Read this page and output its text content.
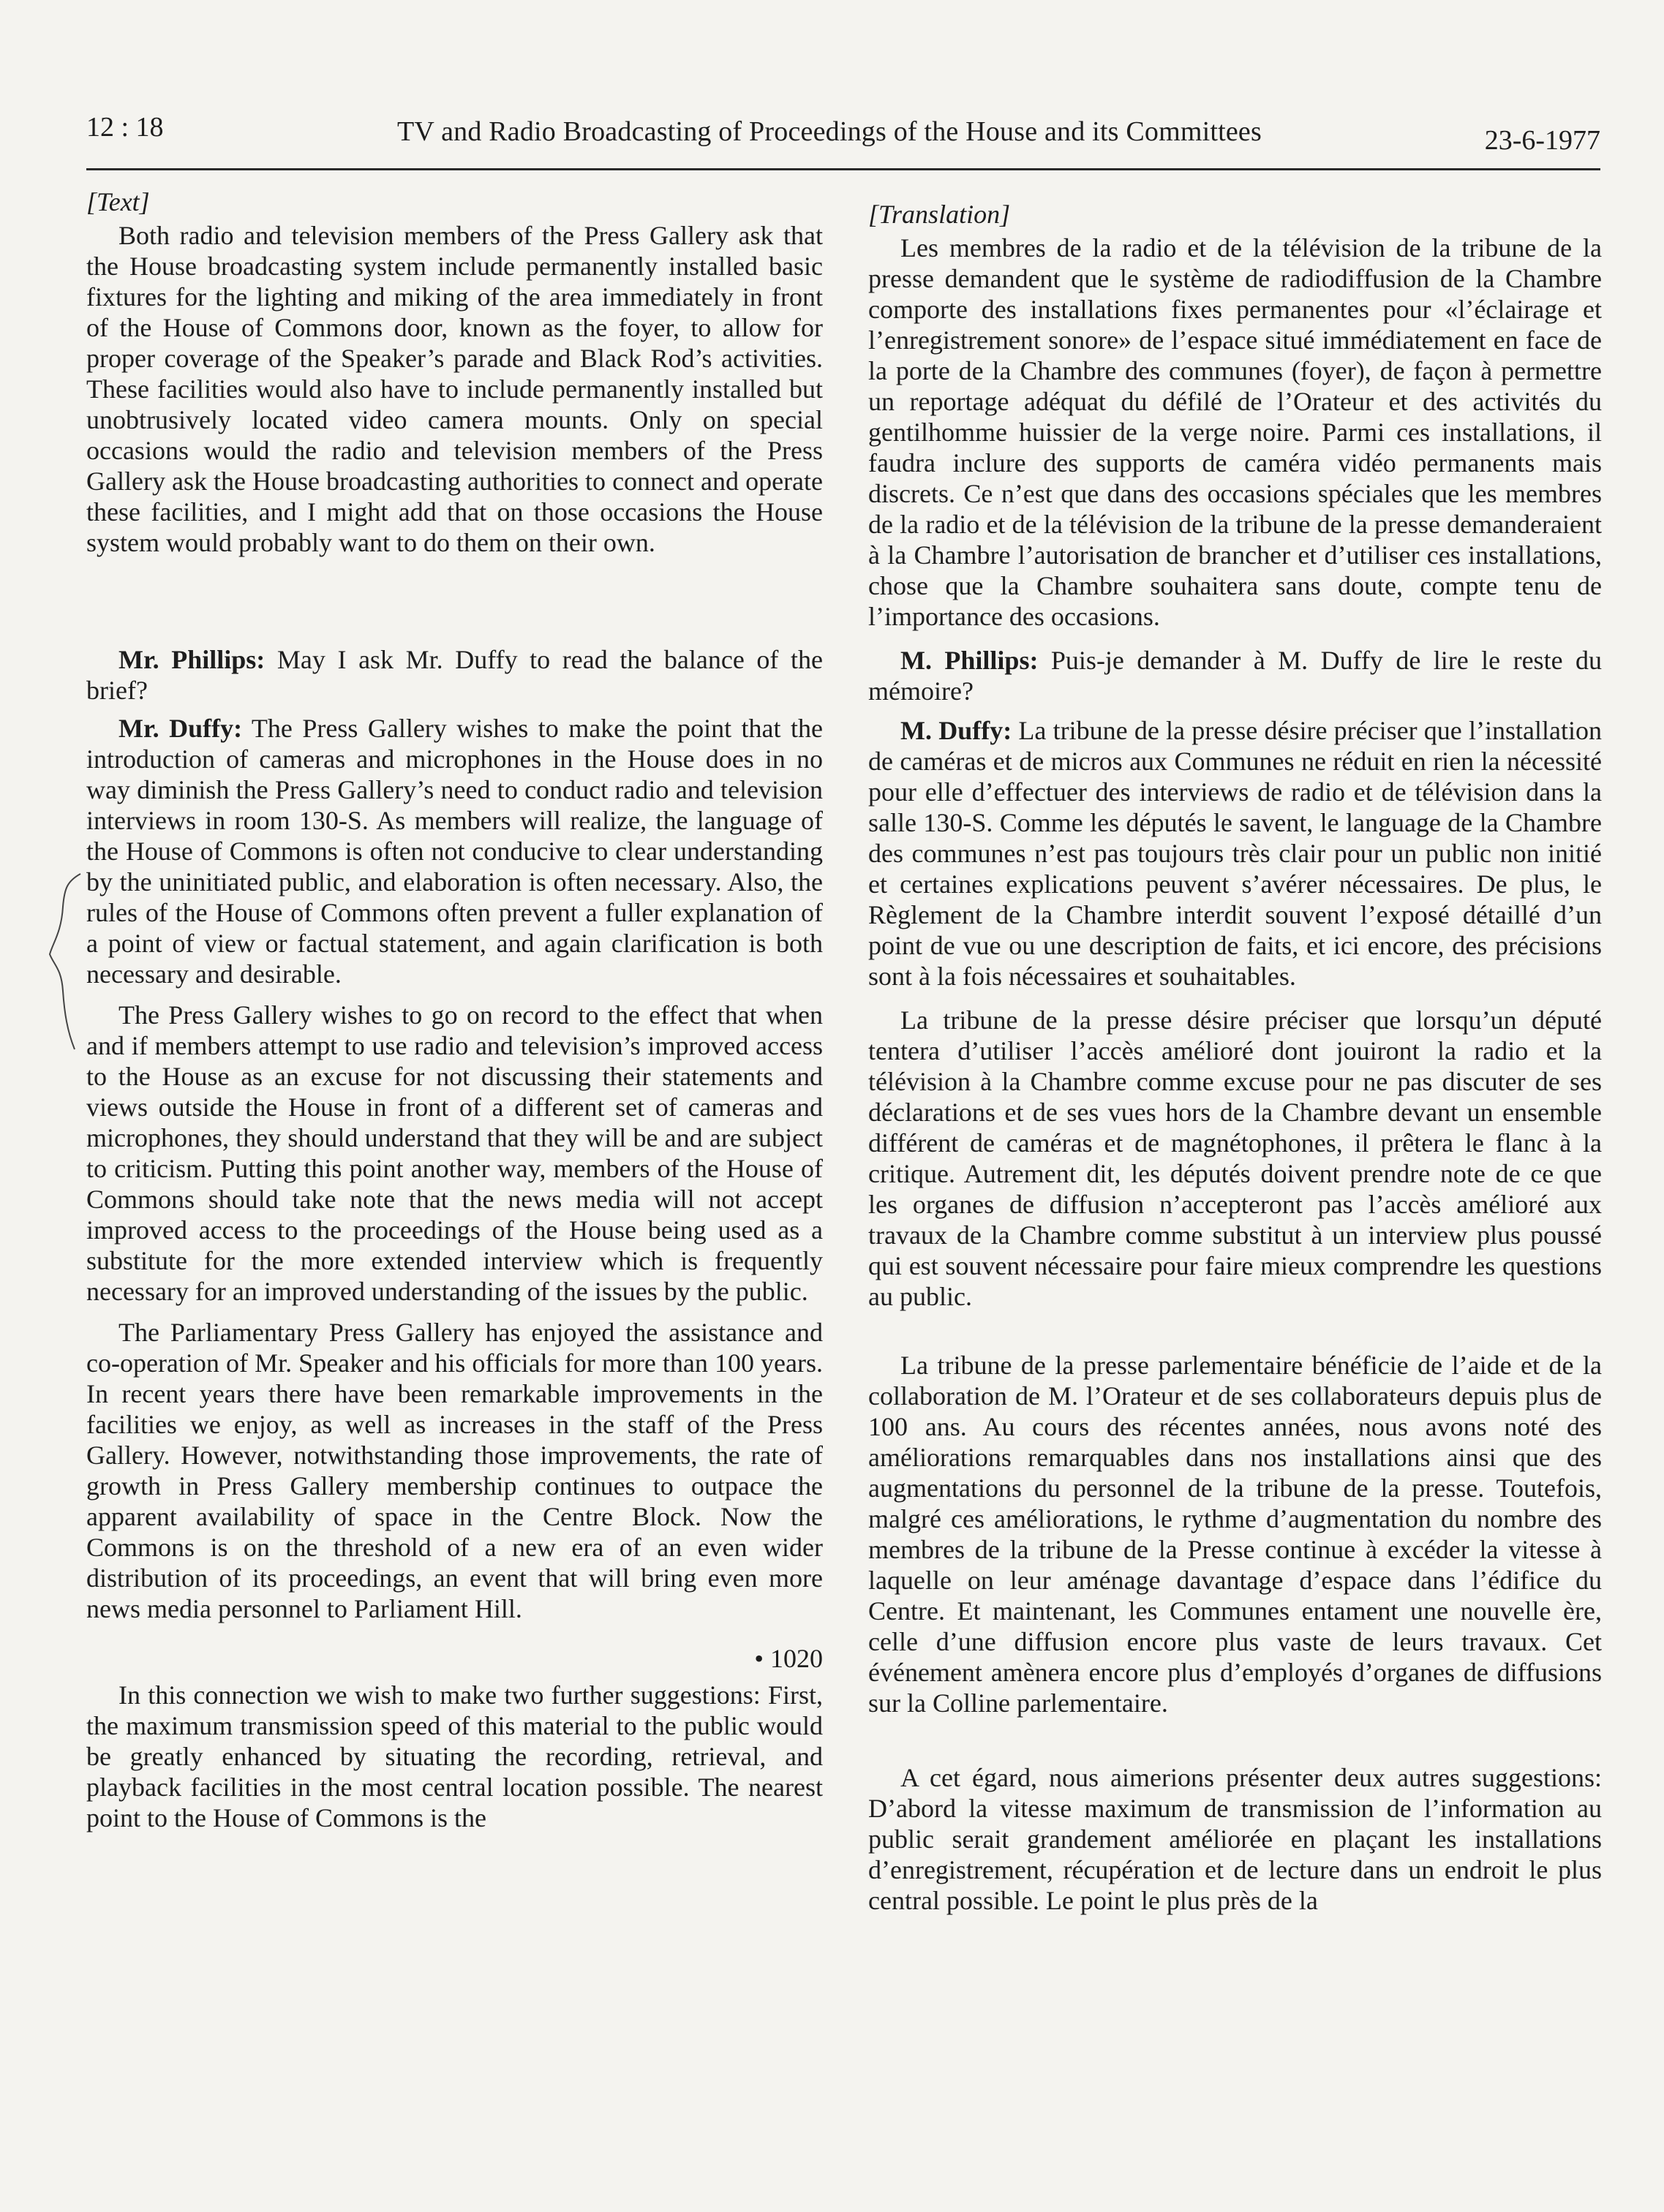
12 : 18	TV and Radio Broadcasting of Proceedings of the House and its Committees	23-6-1977

[Text]

Both radio and television members of the Press Gallery ask that the House broadcasting system include permanently installed basic fixtures for the lighting and miking of the area immediately in front of the House of Commons door, known as the foyer, to allow for proper coverage of the Speaker’s parade and Black Rod’s activities. These facilities would also have to include permanently installed but unobtrusively located video camera mounts. Only on special occasions would the radio and television members of the Press Gallery ask the House broadcasting authorities to connect and operate these facilities, and I might add that on those occasions the House system would probably want to do them on their own.

Mr. Phillips: May I ask Mr. Duffy to read the balance of the brief?

Mr. Duffy: The Press Gallery wishes to make the point that the introduction of cameras and microphones in the House does in no way diminish the Press Gallery’s need to conduct radio and television interviews in room 130-S. As members will realize, the language of the House of Commons is often not conducive to clear understanding by the uninitiated public, and elaboration is often necessary. Also, the rules of the House of Commons often prevent a fuller explanation of a point of view or factual statement, and again clarification is both necessary and desirable.

The Press Gallery wishes to go on record to the effect that when and if members attempt to use radio and television’s improved access to the House as an excuse for not discussing their statements and views outside the House in front of a different set of cameras and microphones, they should understand that they will be and are subject to criticism. Putting this point another way, members of the House of Commons should take note that the news media will not accept improved access to the proceedings of the House being used as a substitute for the more extended interview which is frequently necessary for an improved understanding of the issues by the public.

The Parliamentary Press Gallery has enjoyed the assistance and co-operation of Mr. Speaker and his officials for more than 100 years. In recent years there have been remarkable improvements in the facilities we enjoy, as well as increases in the staff of the Press Gallery. However, notwithstanding those improvements, the rate of growth in Press Gallery membership continues to outpace the apparent availability of space in the Centre Block. Now the Commons is on the threshold of a new era of an even wider distribution of its proceedings, an event that will bring even more news media personnel to Parliament Hill.

• 1020

In this connection we wish to make two further suggestions: First, the maximum transmission speed of this material to the public would be greatly enhanced by situating the recording, retrieval, and playback facilities in the most central location possible. The nearest point to the House of Commons is the

[Translation]

Les membres de la radio et de la télévision de la tribune de la presse demandent que le système de radiodiffusion de la Chambre comporte des installations fixes permanentes pour «l’éclairage et l’enregistrement sonore» de l’espace situé immédiatement en face de la porte de la Chambre des communes (foyer), de façon à permettre un reportage adéquat du défilé de l’Orateur et des activités du gentilhomme huissier de la verge noire. Parmi ces installations, il faudra inclure des supports de caméra vidéo permanents mais discrets. Ce n’est que dans des occasions spéciales que les membres de la radio et de la télévision de la tribune de la presse demanderaient à la Chambre l’autorisation de brancher et d’utiliser ces installations, chose que la Chambre souhaitera sans doute, compte tenu de l’importance des occasions.

M. Phillips: Puis-je demander à M. Duffy de lire le reste du mémoire?

M. Duffy: La tribune de la presse désire préciser que l’installation de caméras et de micros aux Communes ne réduit en rien la nécessité pour elle d’effectuer des interviews de radio et de télévision dans la salle 130-S. Comme les députés le savent, le language de la Chambre des communes n’est pas toujours très clair pour un public non initié et certaines explications peuvent s’avérer nécessaires. De plus, le Règlement de la Chambre interdit souvent l’exposé détaillé d’un point de vue ou une description de faits, et ici encore, des précisions sont à la fois nécessaires et souhaitables.

La tribune de la presse désire préciser que lorsqu’un député tentera d’utiliser l’accès amélioré dont jouiront la radio et la télévision à la Chambre comme excuse pour ne pas discuter de ses déclarations et de ses vues hors de la Chambre devant un ensemble différent de caméras et de magnétophones, il prêtera le flanc à la critique. Autrement dit, les députés doivent prendre note de ce que les organes de diffusion n’accepteront pas l’accès amélioré aux travaux de la Chambre comme substitut à un interview plus poussé qui est souvent nécessaire pour faire mieux comprendre les questions au public.

La tribune de la presse parlementaire bénéficie de l’aide et de la collaboration de M. l’Orateur et de ses collaborateurs depuis plus de 100 ans. Au cours des récentes années, nous avons noté des améliorations remarquables dans nos installations ainsi que des augmentations du personnel de la tribune de la presse. Toutefois, malgré ces améliorations, le rythme d’augmentation du nombre des membres de la tribune de la Presse continue à excéder la vitesse à laquelle on leur aménage davantage d’espace dans l’édifice du Centre. Et maintenant, les Communes entament une nouvelle ère, celle d’une diffusion encore plus vaste de leurs travaux. Cet événement amènera encore plus d’employés d’organes de diffusions sur la Colline parlementaire.

A cet égard, nous aimerions présenter deux autres suggestions: D’abord la vitesse maximum de transmission de l’information au public serait grandement améliorée en plaçant les installations d’enregistrement, récupération et de lecture dans un endroit le plus central possible. Le point le plus près de la
